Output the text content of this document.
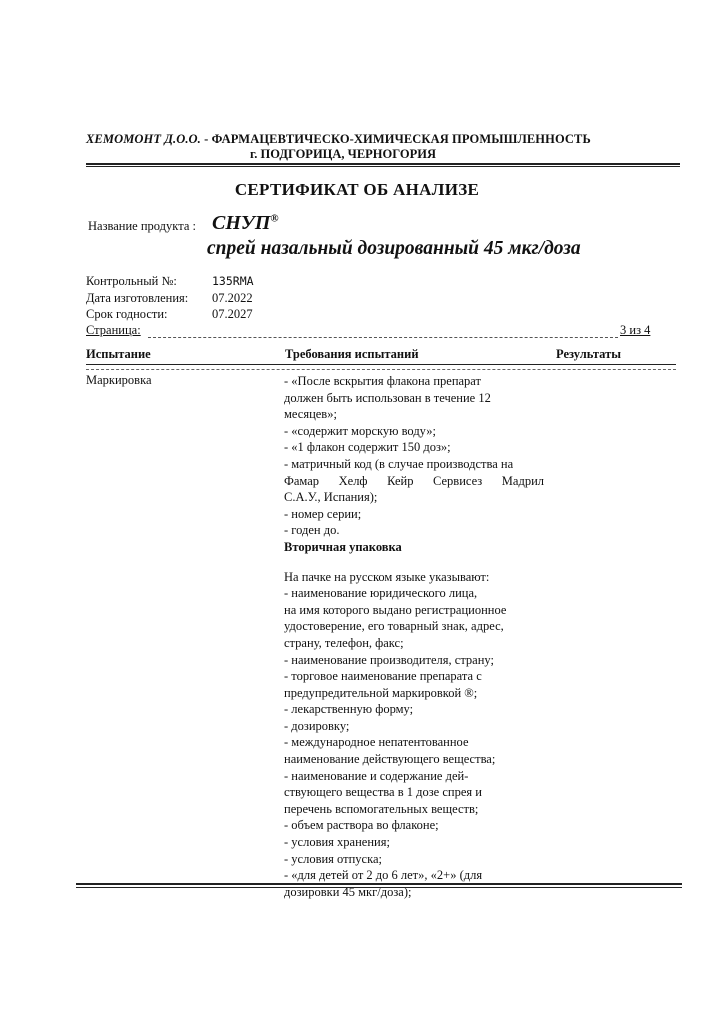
ХЕМОМОНТ Д.О.О. - ФАРМАЦЕВТИЧЕСКО-ХИМИЧЕСКАЯ ПРОМЫШЛЕННОСТЬ
г. ПОДГОРИЦА, ЧЕРНОГОРИЯ
СЕРТИФИКАТ ОБ АНАЛИЗЕ
Название продукта : СНУП®
спрей назальный дозированный 45 мкг/доза
Контрольный №:	135RMA
Дата изготовления: 07.2022
Срок годности:	07.2027
Страница:	3 из 4
Испытание	Требования испытаний	Результаты
Маркировка	- «После вскрытия флакона препарат
должен быть использован в течение 12
месяцев»;
- «содержит морскую воду»;
- «1 флакон содержит 150 доз»;
- матричный код (в случае производства на
Фамар Хелф Кейр Сервисез Мадрил
С.А.У., Испания);
- номер серии;
- годен до.
Вторичная упаковка
На пачке на русском языке указывают:
- наименование юридического лица,
на имя которого выдано регистрационное
удостоверение, его товарный знак, адрес,
страну, телефон, факс;
- наименование производителя, страну;
- торговое наименование препарата с
предупредительной маркировкой ®;
- лекарственную форму;
- дозировку;
- международное непатентованное
наименование действующего вещества;
- наименование и содержание дей-
ствующего вещества в 1 дозе спрея и
перечень вспомогательных веществ;
- объем раствора во флаконе;
- условия хранения;
- условия отпуска;
- «для детей от 2 до 6 лет», «2+» (для
дозировки 45 мкг/доза);
